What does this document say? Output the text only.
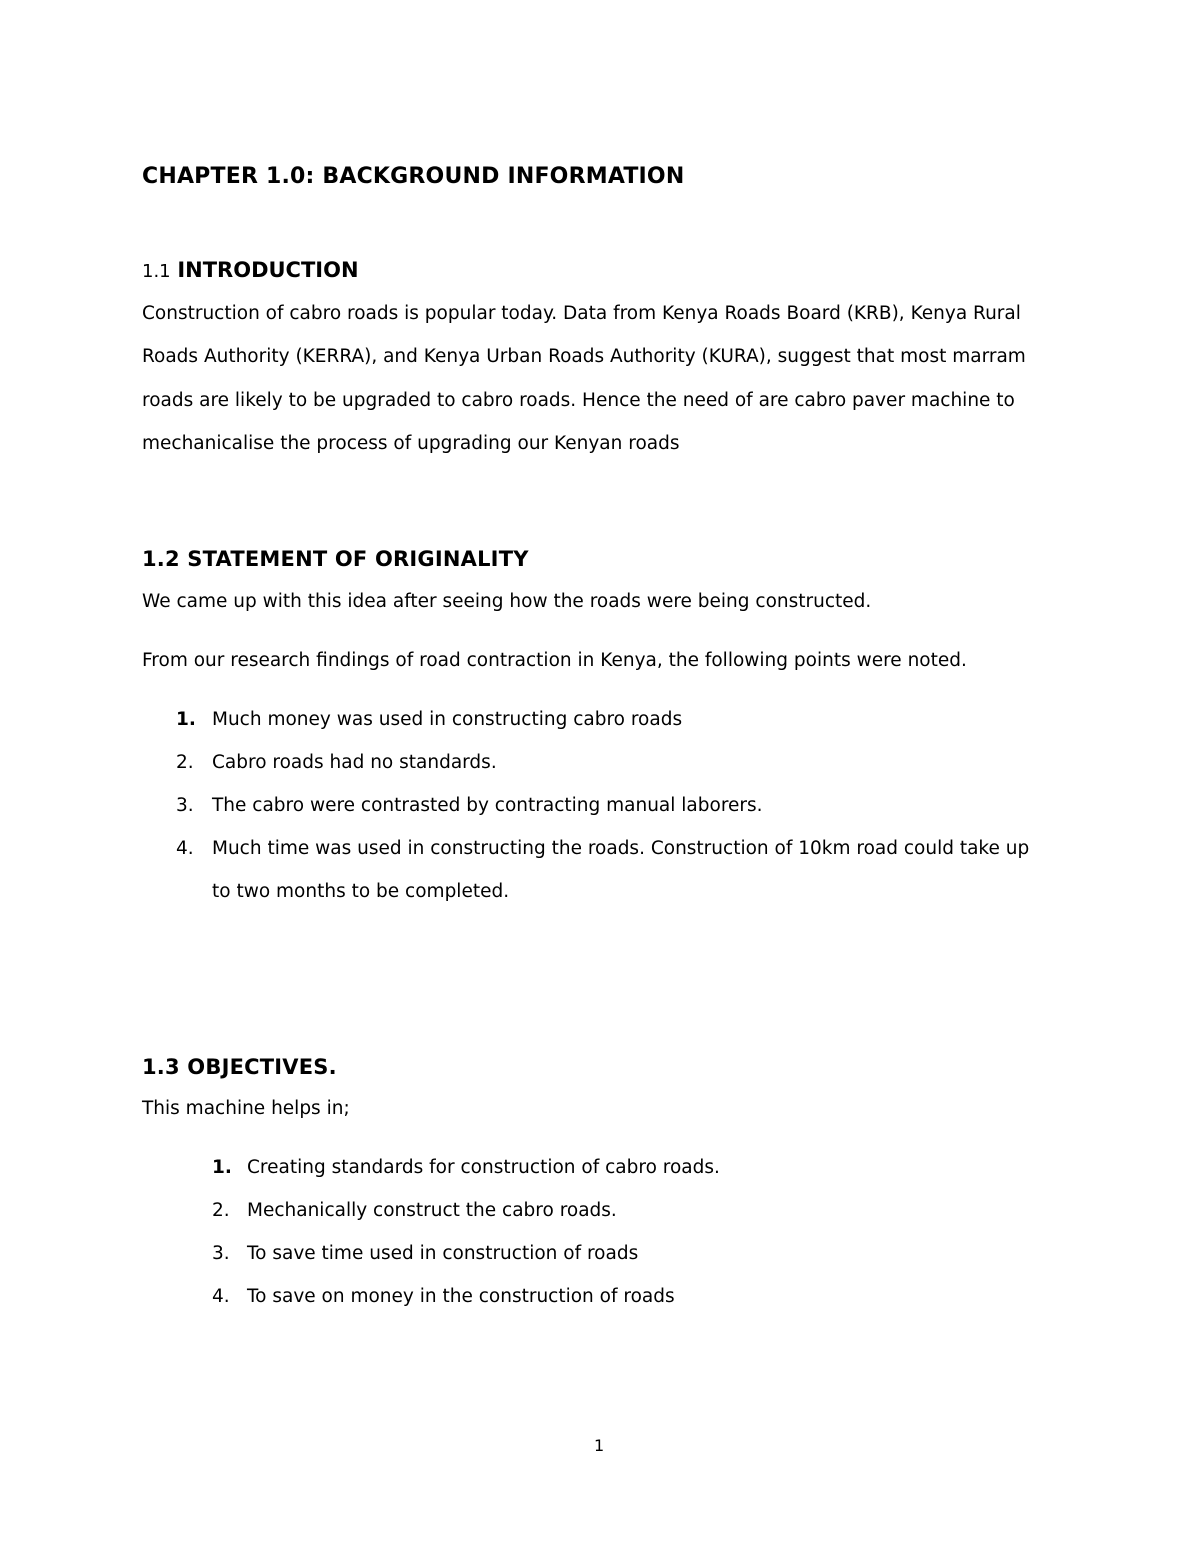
CHAPTER 1.0: BACKGROUND INFORMATION
1.1 INTRODUCTION
Construction of cabro roads is popular today. Data from Kenya Roads Board (KRB), Kenya Rural
Roads Authority (KERRA), and Kenya Urban Roads Authority (KURA), suggest that most marram
roads are likely to be upgraded to cabro roads. Hence the need of are cabro paver machine to
mechanicalise the process of upgrading our Kenyan roads
1.2 STATEMENT OF ORIGINALITY
We came up with this idea after seeing how the roads were being constructed.
From our research findings of road contraction in Kenya, the following points were noted.
1. Much money was used in constructing cabro roads
2. Cabro roads had no standards.
3. The cabro were contrasted by contracting manual laborers.
4. Much time was used in constructing the roads. Construction of 10km road could take up
to two months to be completed.
1.3 OBJECTIVES.
This machine helps in;
1. Creating standards for construction of cabro roads.
2. Mechanically construct the cabro roads.
3. To save time used in construction of roads
4. To save on money in the construction of roads
1
